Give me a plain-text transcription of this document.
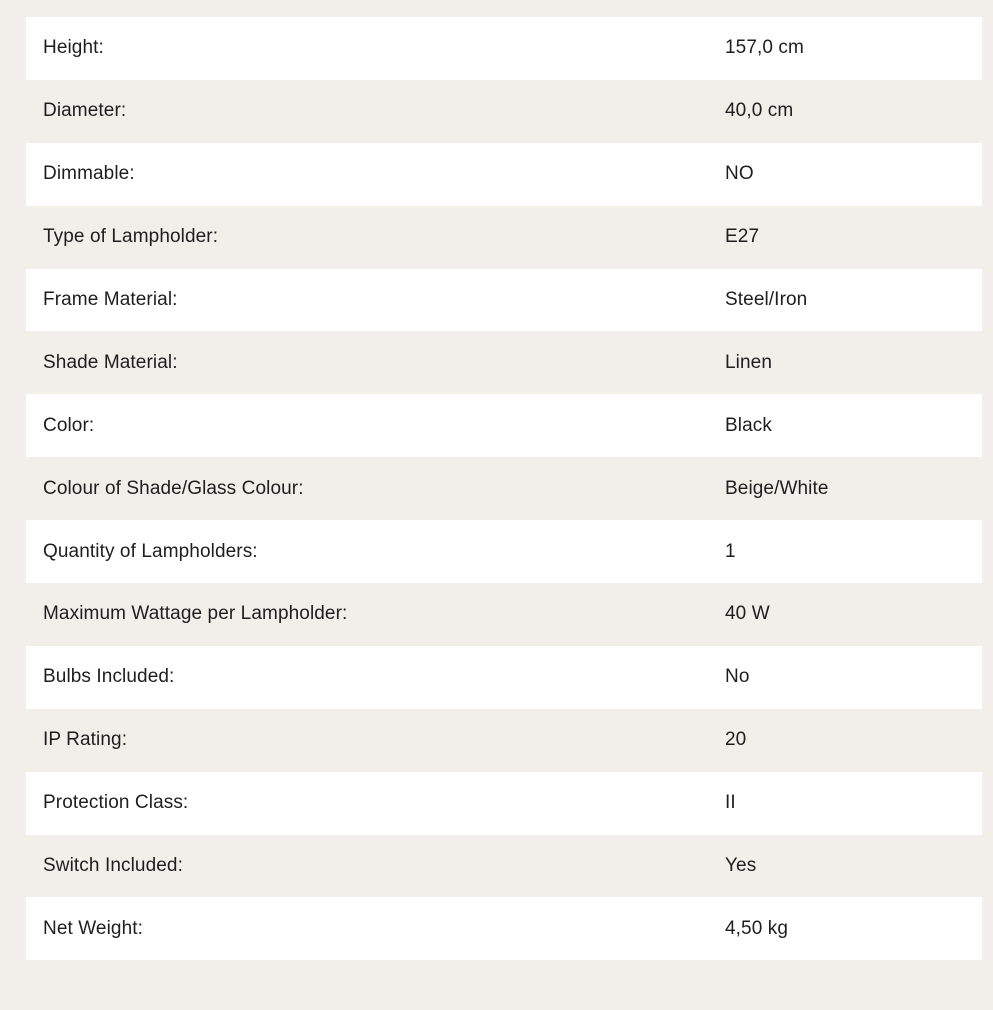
Height:	157,0 cm
Diameter:	40,0 cm
Dimmable:	NO
Type of Lampholder:	E27
Frame Material:	Steel/Iron
Shade Material:	Linen
Color:	Black
Colour of Shade/Glass Colour:	Beige/White
Quantity of Lampholders:	1
Maximum Wattage per Lampholder:	40 W
Bulbs Included:	No
IP Rating:	20
Protection Class:	II
Switch Included:	Yes
Net Weight:	4,50 kg
